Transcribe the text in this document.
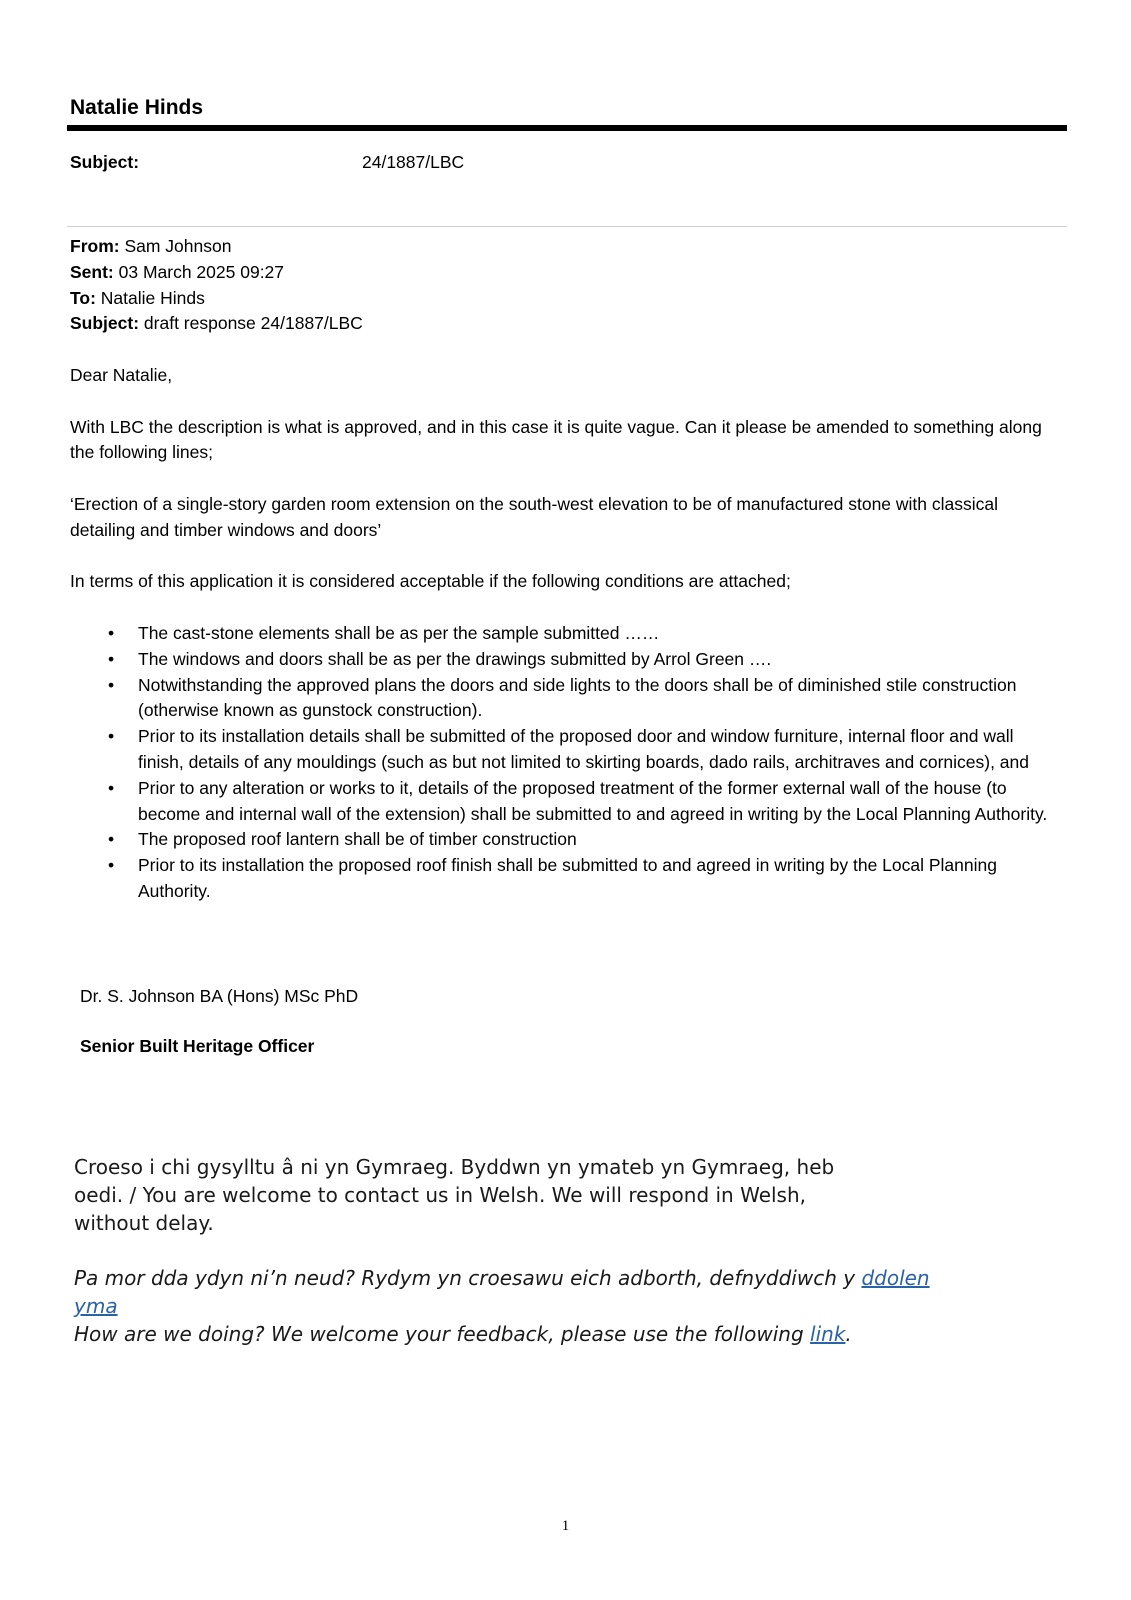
Natalie Hinds
Subject:	24/1887/LBC

From: Sam Johnson

Sent: 03 March 2025 09:27

To: Natalie Hinds

Subject: draft response 24/1887/LBC

Dear Natalie,

With LBC the description is what is approved, and in this case it is quite vague. Can it please be amended to something along the following lines;

‘Erection of a single-story garden room extension on the south-west elevation to be of manufactured stone with classical detailing and timber windows and doors’

In terms of this application it is considered acceptable if the following conditions are attached;

• The cast-stone elements shall be as per the sample submitted ……
• The windows and doors shall be as per the drawings submitted by Arrol Green ….
• Notwithstanding the approved plans the doors and side lights to the doors shall be of diminished stile construction (otherwise known as gunstock construction).
• Prior to its installation details shall be submitted of the proposed door and window furniture, internal floor and wall finish, details of any mouldings (such as but not limited to skirting boards, dado rails, architraves and cornices), and
• Prior to any alteration or works to it, details of the proposed treatment of the former external wall of the house (to become and internal wall of the extension) shall be submitted to and agreed in writing by the Local Planning Authority.
• The proposed roof lantern shall be of timber construction
• Prior to its installation the proposed roof finish shall be submitted to and agreed in writing by the Local Planning Authority.
Dr. S. Johnson BA (Hons) MSc PhD
Senior Built Heritage Officer
Croeso i chi gysylltu â ni yn Gymraeg. Byddwn yn ymateb yn Gymraeg, heb oedi. / You are welcome to contact us in Welsh. We will respond in Welsh, without delay.
Pa mor dda ydyn ni’n neud? Rydym yn croesawu eich adborth, defnyddiwch y ddolen yma
How are we doing? We welcome your feedback, please use the following link.
1
